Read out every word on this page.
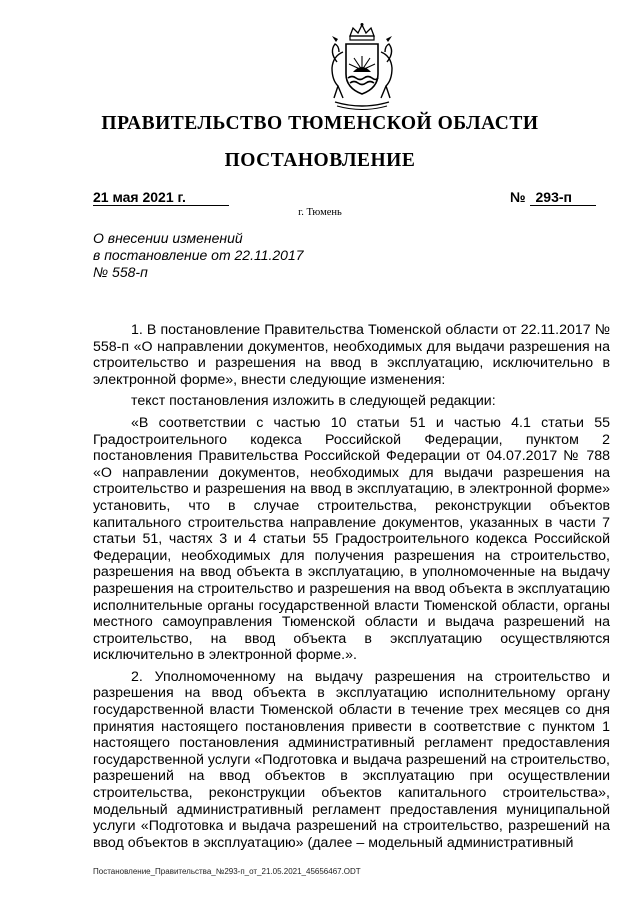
ПРАВИТЕЛЬСТВО ТЮМЕНСКОЙ ОБЛАСТИ
ПОСТАНОВЛЕНИЕ
21 мая 2021 г.	№ 293-п
г. Тюмень
О внесении изменений
в постановление от 22.11.2017
№ 558-п

1. В постановление Правительства Тюменской области от 22.11.2017 № 558-п «О направлении документов, необходимых для выдачи разрешения на строительство и разрешения на ввод в эксплуатацию, исключительно в электронной форме», внести следующие изменения:

текст постановления изложить в следующей редакции:

«В соответствии с частью 10 статьи 51 и частью 4.1 статьи 55 Градостроительного кодекса Российской Федерации, пунктом 2 постановления Правительства Российской Федерации от 04.07.2017 № 788 «О направлении документов, необходимых для выдачи разрешения на строительство и разрешения на ввод в эксплуатацию, в электронной форме» установить, что в случае строительства, реконструкции объектов капитального строительства направление документов, указанных в части 7 статьи 51, частях 3 и 4 статьи 55 Градостроительного кодекса Российской Федерации, необходимых для получения разрешения на строительство, разрешения на ввод объекта в эксплуатацию, в уполномоченные на выдачу разрешения на строительство и разрешения на ввод объекта в эксплуатацию исполнительные органы государственной власти Тюменской области, органы местного самоуправления Тюменской области и выдача разрешений на строительство, на ввод объекта в эксплуатацию осуществляются исключительно в электронной форме.».

2. Уполномоченному на выдачу разрешения на строительство и разрешения на ввод объекта в эксплуатацию исполнительному органу государственной власти Тюменской области в течение трех месяцев со дня принятия настоящего постановления привести в соответствие с пунктом 1 настоящего постановления административный регламент предоставления государственной услуги «Подготовка и выдача разрешений на строительство, разрешений на ввод объектов в эксплуатацию при осуществлении строительства, реконструкции объектов капитального строительства», модельный административный регламент предоставления муниципальной услуги «Подготовка и выдача разрешений на строительство, разрешений на ввод объектов в эксплуатацию» (далее – модельный административный

Постановление_Правительства_№293-п_от_21.05.2021_45656467.ODT
